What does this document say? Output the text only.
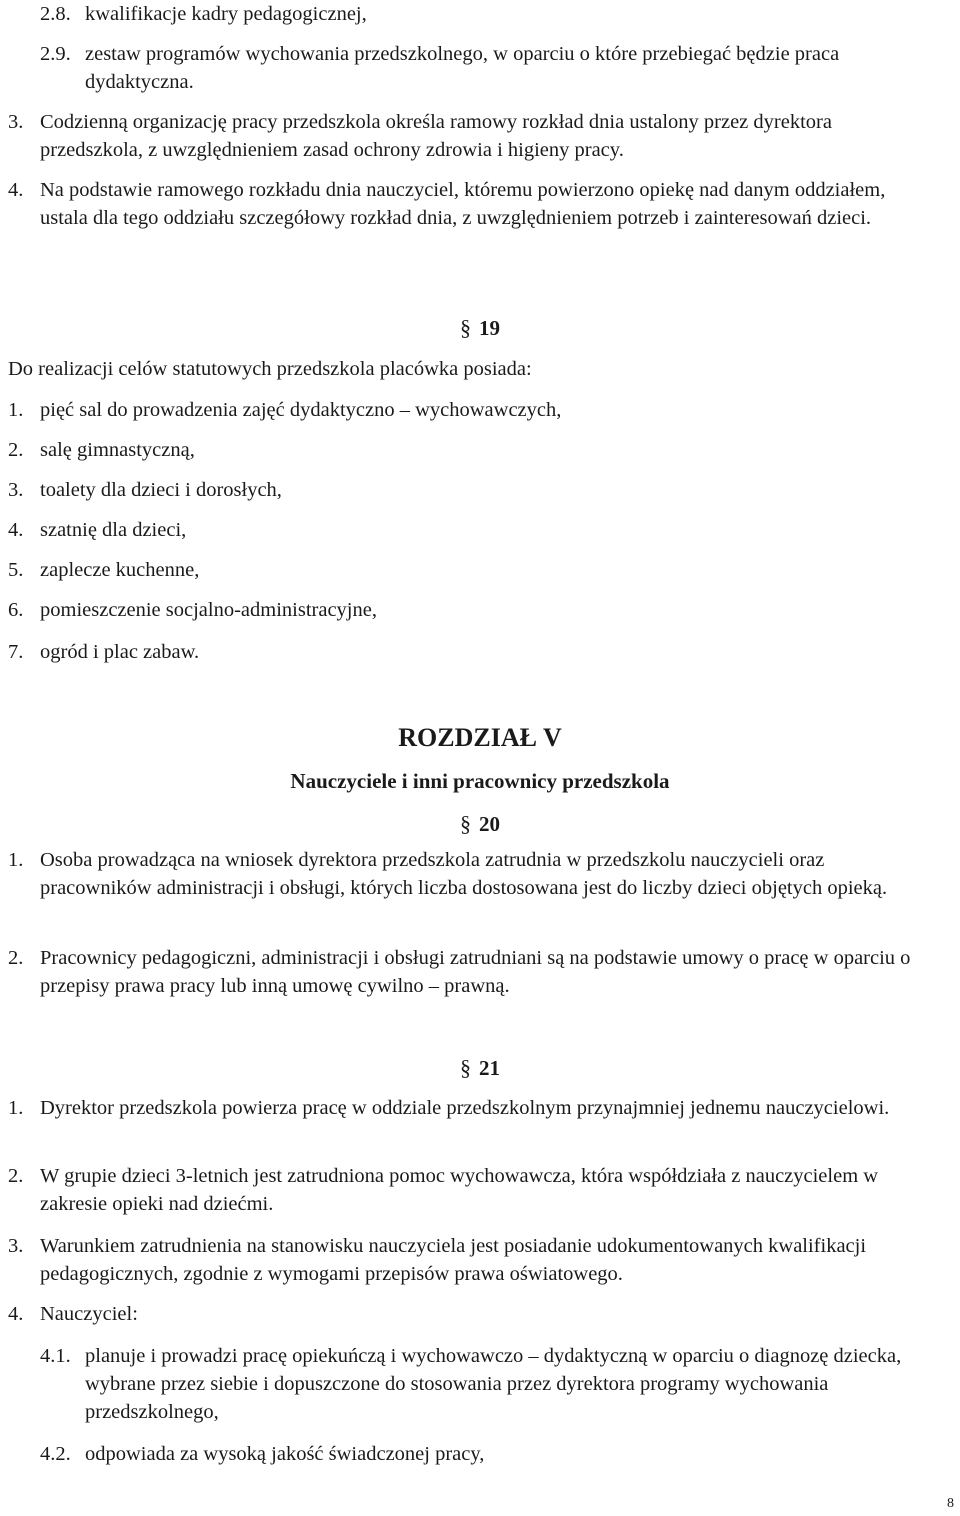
2.8. kwalifikacje kadry pedagogicznej,
2.9. zestaw programów wychowania przedszkolnego, w oparciu o które przebiegać będzie praca dydaktyczna.
3. Codzienną organizację pracy przedszkola określa ramowy rozkład dnia ustalony przez dyrektora przedszkola, z uwzględnieniem zasad ochrony zdrowia i higieny pracy.
4. Na podstawie ramowego rozkładu dnia nauczyciel, któremu powierzono opiekę nad danym oddziałem, ustala dla tego oddziału szczegółowy rozkład dnia, z uwzględnieniem potrzeb i zainteresowań dzieci.
§ 19
Do realizacji celów statutowych przedszkola placówka posiada:
1. pięć sal do prowadzenia zajęć dydaktyczno – wychowawczych,
2. salę gimnastyczną,
3. toalety dla dzieci i dorosłych,
4. szatnię dla dzieci,
5. zaplecze kuchenne,
6. pomieszczenie socjalno-administracyjne,
7. ogród i plac zabaw.
ROZDZIAŁ V
Nauczyciele i inni pracownicy przedszkola
§ 20
1. Osoba prowadząca na wniosek dyrektora przedszkola zatrudnia w przedszkolu nauczycieli oraz pracowników administracji i obsługi, których liczba dostosowana jest do liczby dzieci objętych opieką.
2. Pracownicy pedagogiczni, administracji i obsługi zatrudniani są na podstawie umowy o pracę w oparciu o przepisy prawa pracy lub inną umowę cywilno – prawną.
§ 21
1. Dyrektor przedszkola powierza pracę w oddziale przedszkolnym przynajmniej jednemu nauczycielowi.
2. W grupie dzieci 3-letnich jest zatrudniona pomoc wychowawcza, która współdziała z nauczycielem w zakresie opieki nad dziećmi.
3. Warunkiem zatrudnienia na stanowisku nauczyciela jest posiadanie udokumentowanych kwalifikacji pedagogicznych, zgodnie z wymogami przepisów prawa oświatowego.
4. Nauczyciel:
4.1. planuje i prowadzi pracę opiekuńczą i wychowawczo – dydaktyczną w oparciu o diagnozę dziecka, wybrane przez siebie i dopuszczone do stosowania przez dyrektora programy wychowania przedszkolnego,
4.2. odpowiada za wysoką jakość świadczonej pracy,
8
